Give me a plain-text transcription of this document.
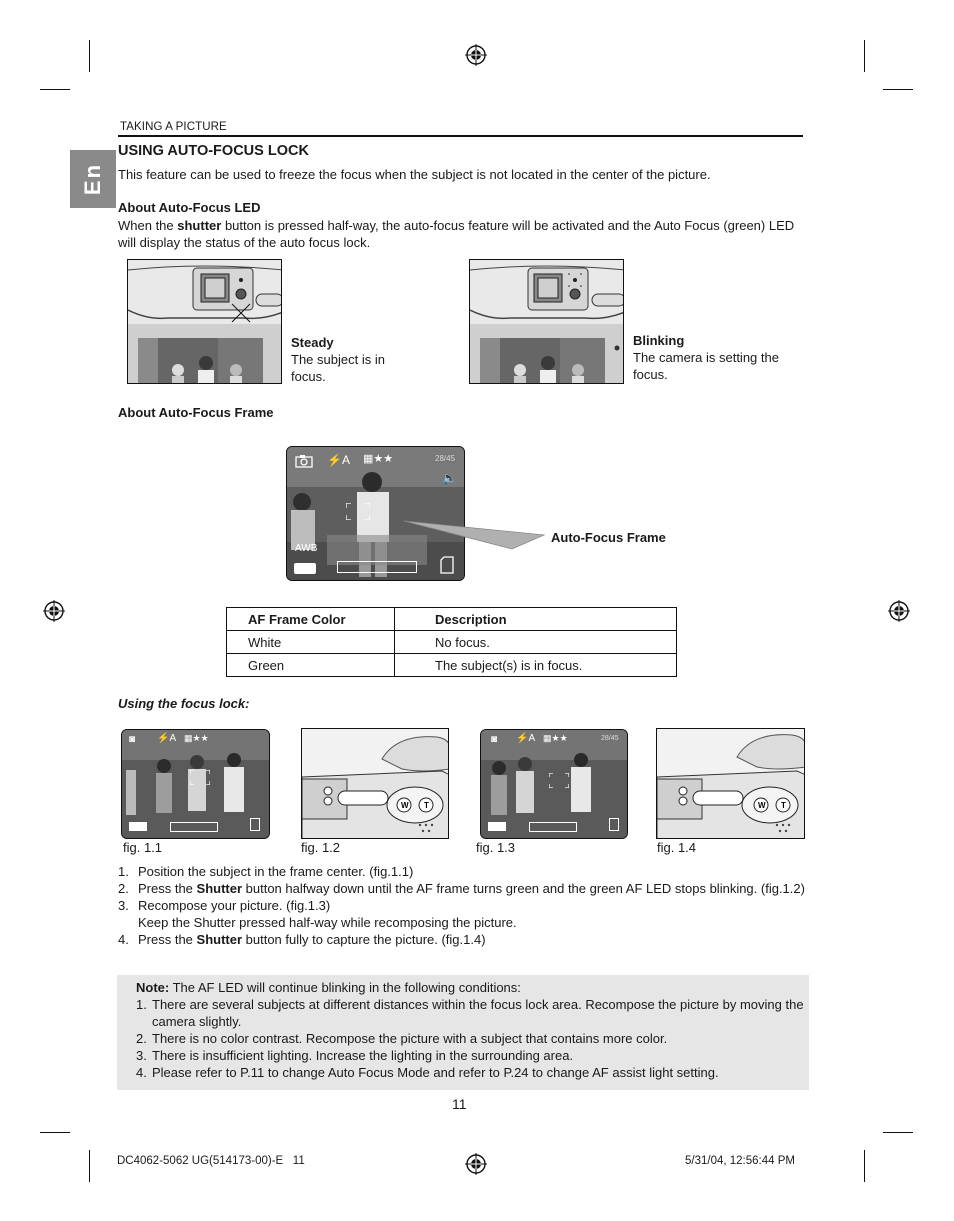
TAKING A PICTURE
En
USING AUTO-FOCUS LOCK
This feature can be used to freeze the focus when the subject is not located in the center of the picture.
About Auto-Focus LED
When the shutter button is pressed half-way, the auto-focus feature will be activated and the Auto Focus (green) LED will display the status of the auto focus lock.
Steady
The subject is in focus.
Blinking
The camera is setting the focus.
About Auto-Focus Frame
⚡A ▦★★	28/45
🔈
AWB
Auto-Focus Frame
AF Frame Color	Description
White	No focus.
Green	The subject(s) is in focus.
Using the focus lock:
◙ ⚡A ▦★★
W T
◙ ⚡A ▦★★	28/45
W T
fig. 1.1	fig. 1.2	fig. 1.3	fig. 1.4
1. Position the subject in the frame center. (fig.1.1)
2. Press the Shutter button halfway down until the AF frame turns green and the green AF LED stops blinking. (fig.1.2)
3. Recompose your picture. (fig.1.3)
Keep the Shutter pressed half-way while recomposing the picture.
4. Press the Shutter button fully to capture the picture. (fig.1.4)
Note: The AF LED will continue blinking in the following conditions:
1. There are several subjects at different distances within the focus lock area. Recompose the picture by moving the camera slightly.
2. There is no color contrast. Recompose the picture with a subject that contains more color.
3. There is insufficient lighting. Increase the lighting in the surrounding area.
4. Please refer to P.11 to change Auto Focus Mode and refer to P.24 to change AF assist light setting.
11
DC4062-5062 UG(514173-00)-E   11	5/31/04, 12:56:44 PM
